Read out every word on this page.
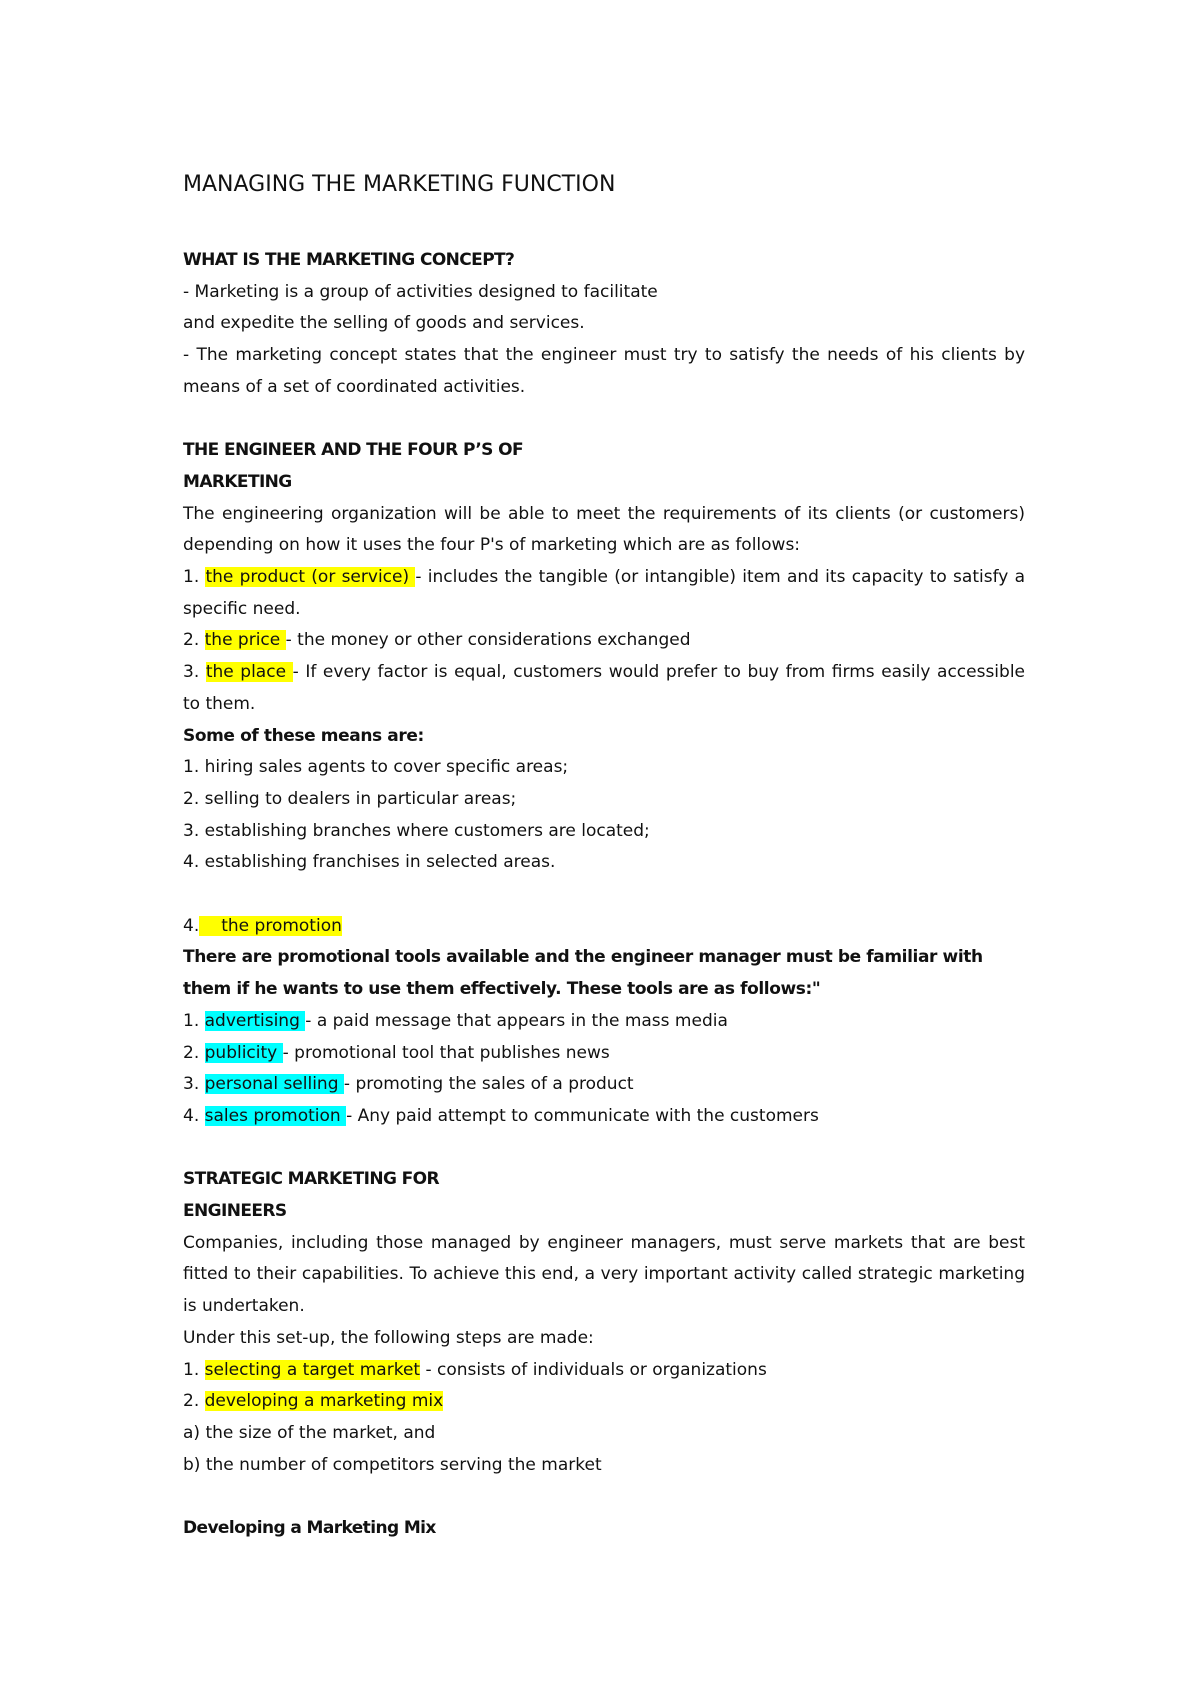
MANAGING THE MARKETING FUNCTION

WHAT IS THE MARKETING CONCEPT?

- Marketing is a group of activities designed to facilitate

and expedite the selling of goods and services.

- The marketing concept states that the engineer must try to satisfy the needs of his clients by means of a set of coordinated activities.

THE ENGINEER AND THE FOUR P’S OF
MARKETING

The engineering organization will be able to meet the requirements of its clients (or customers) depending on how it uses the four P's of marketing which are as follows:

1. the product (or service) - includes the tangible (or intangible) item and its capacity to satisfy a specific need.

2. the price - the money or other considerations exchanged

3. the place - If every factor is equal, customers would prefer to buy from firms easily accessible to them.

Some of these means are:

1. hiring sales agents to cover specific areas;

2. selling to dealers in particular areas;

3. establishing branches where customers are located;

4. establishing franchises in selected areas.

4. the promotion

There are promotional tools available and the engineer manager must be familiar with them if he wants to use them effectively. These tools are as follows:"

1. advertising - a paid message that appears in the mass media

2. publicity - promotional tool that publishes news

3. personal selling - promoting the sales of a product

4. sales promotion - Any paid attempt to communicate with the customers

STRATEGIC MARKETING FOR
ENGINEERS

Companies, including those managed by engineer managers, must serve markets that are best fitted to their capabilities. To achieve this end, a very important activity called strategic marketing is undertaken.

Under this set-up, the following steps are made:

1. selecting a target market - consists of individuals or organizations

2. developing a marketing mix

a) the size of the market, and

b) the number of competitors serving the market

Developing a Marketing Mix
